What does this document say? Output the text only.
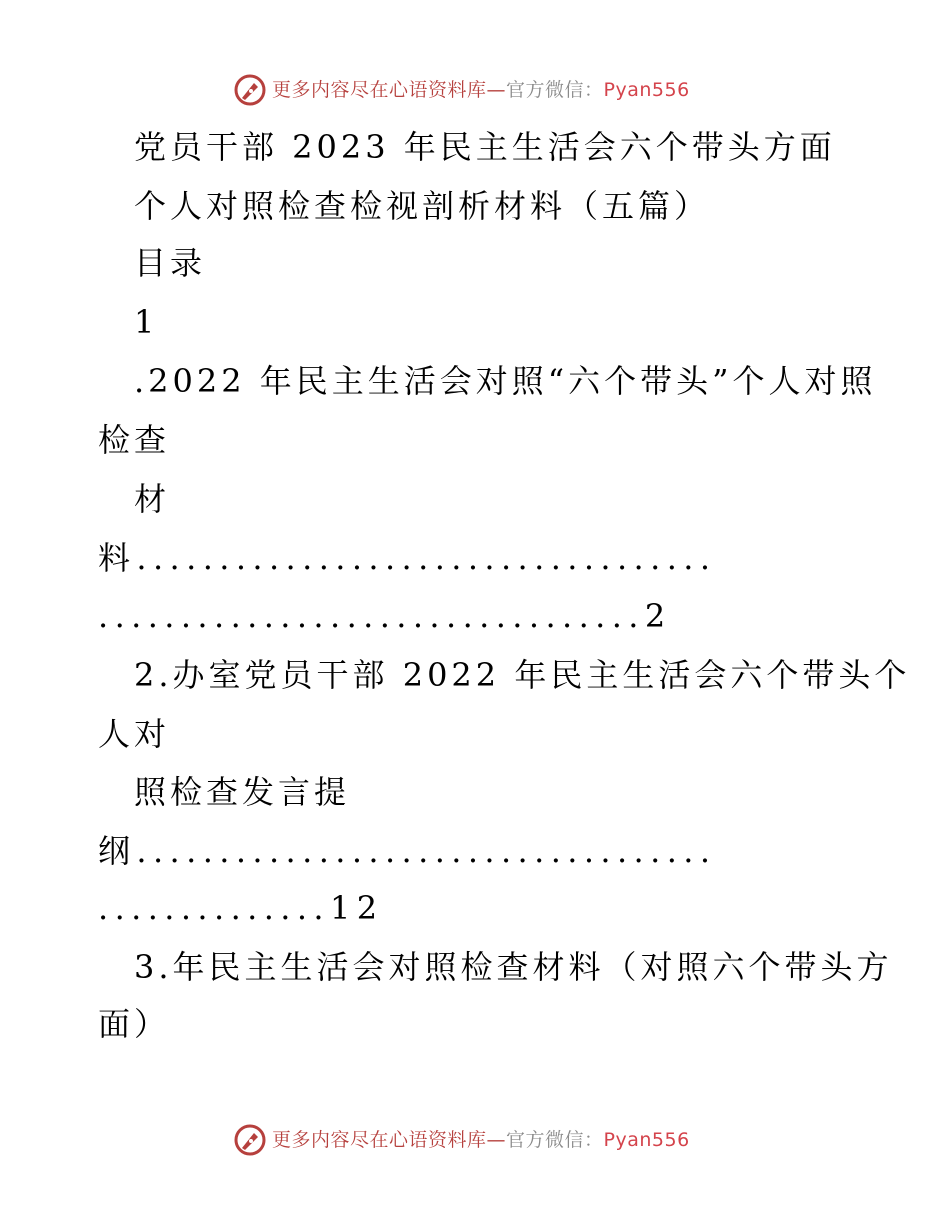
更多内容尽在心语资料库—官方微信：Pyan556
党员干部 2023 年民主生活会六个带头方面
个人对照检查检视剖析材料（五篇）
目录
1
.2022 年民主生活会对照“六个带头”个人对照
检查
材
料...................................
.................................2
2.办室党员干部 2022 年民主生活会六个带头个
人对
照检查发言提
纲...................................
..............12
3.年民主生活会对照检查材料（对照六个带头方
面）
更多内容尽在心语资料库—官方微信：Pyan556
